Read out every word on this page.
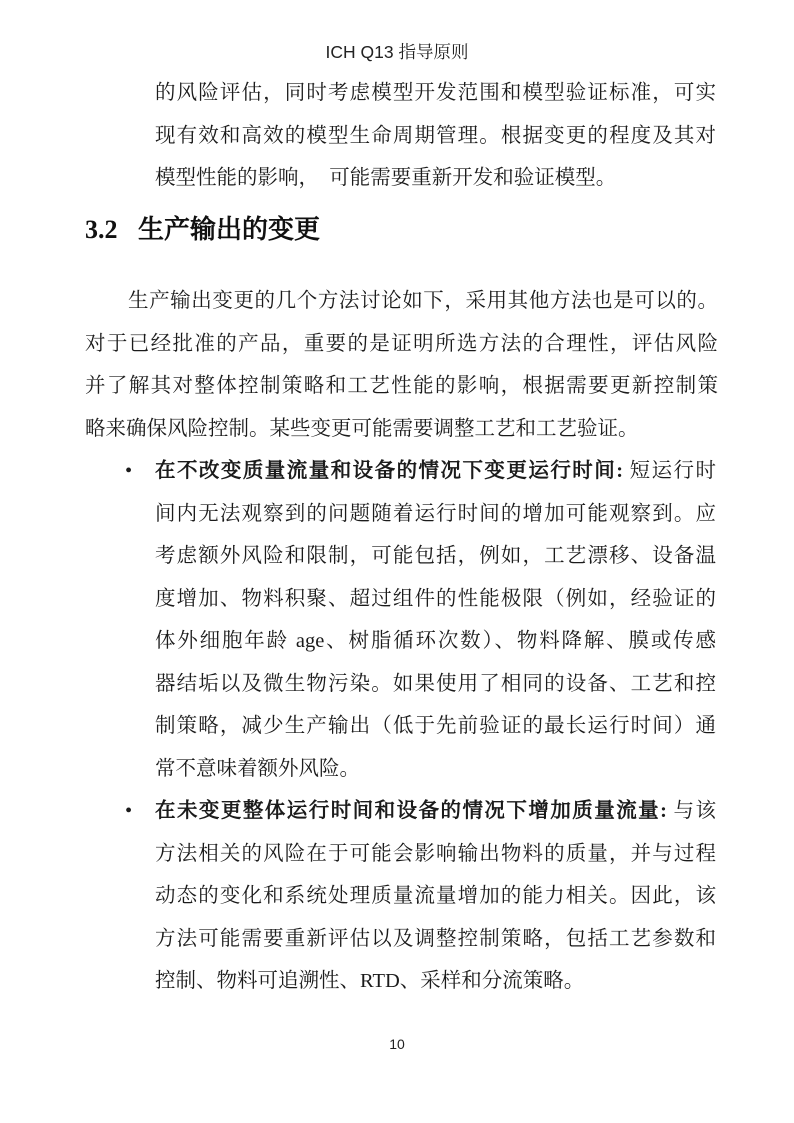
ICH Q13 指导原则
的风险评估，同时考虑模型开发范围和模型验证标准，可实
现有效和高效的模型生命周期管理。根据变更的程度及其对
模型性能的影响，　可能需要重新开发和验证模型。
3.2 生产输出的变更
生产输出变更的几个方法讨论如下，采用其他方法也是可以的。
对于已经批准的产品，重要的是证明所选方法的合理性，评估风险
并了解其对整体控制策略和工艺性能的影响，根据需要更新控制策
略来确保风险控制。某些变更可能需要调整工艺和工艺验证。
•	在不改变质量流量和设备的情况下变更运行时间: 短运行时
间内无法观察到的问题随着运行时间的增加可能观察到。应
考虑额外风险和限制，可能包括，例如，工艺漂移、设备温
度增加、物料积聚、超过组件的性能极限（例如，经验证的
体外细胞年龄 age、树脂循环次数）、物料降解、膜或传感
器结垢以及微生物污染。如果使用了相同的设备、工艺和控
制策略，减少生产输出（低于先前验证的最长运行时间）通
常不意味着额外风险。
•	在未变更整体运行时间和设备的情况下增加质量流量: 与该
方法相关的风险在于可能会影响输出物料的质量，并与过程
动态的变化和系统处理质量流量增加的能力相关。因此，该
方法可能需要重新评估以及调整控制策略，包括工艺参数和
控制、物料可追溯性、RTD、采样和分流策略。
10
